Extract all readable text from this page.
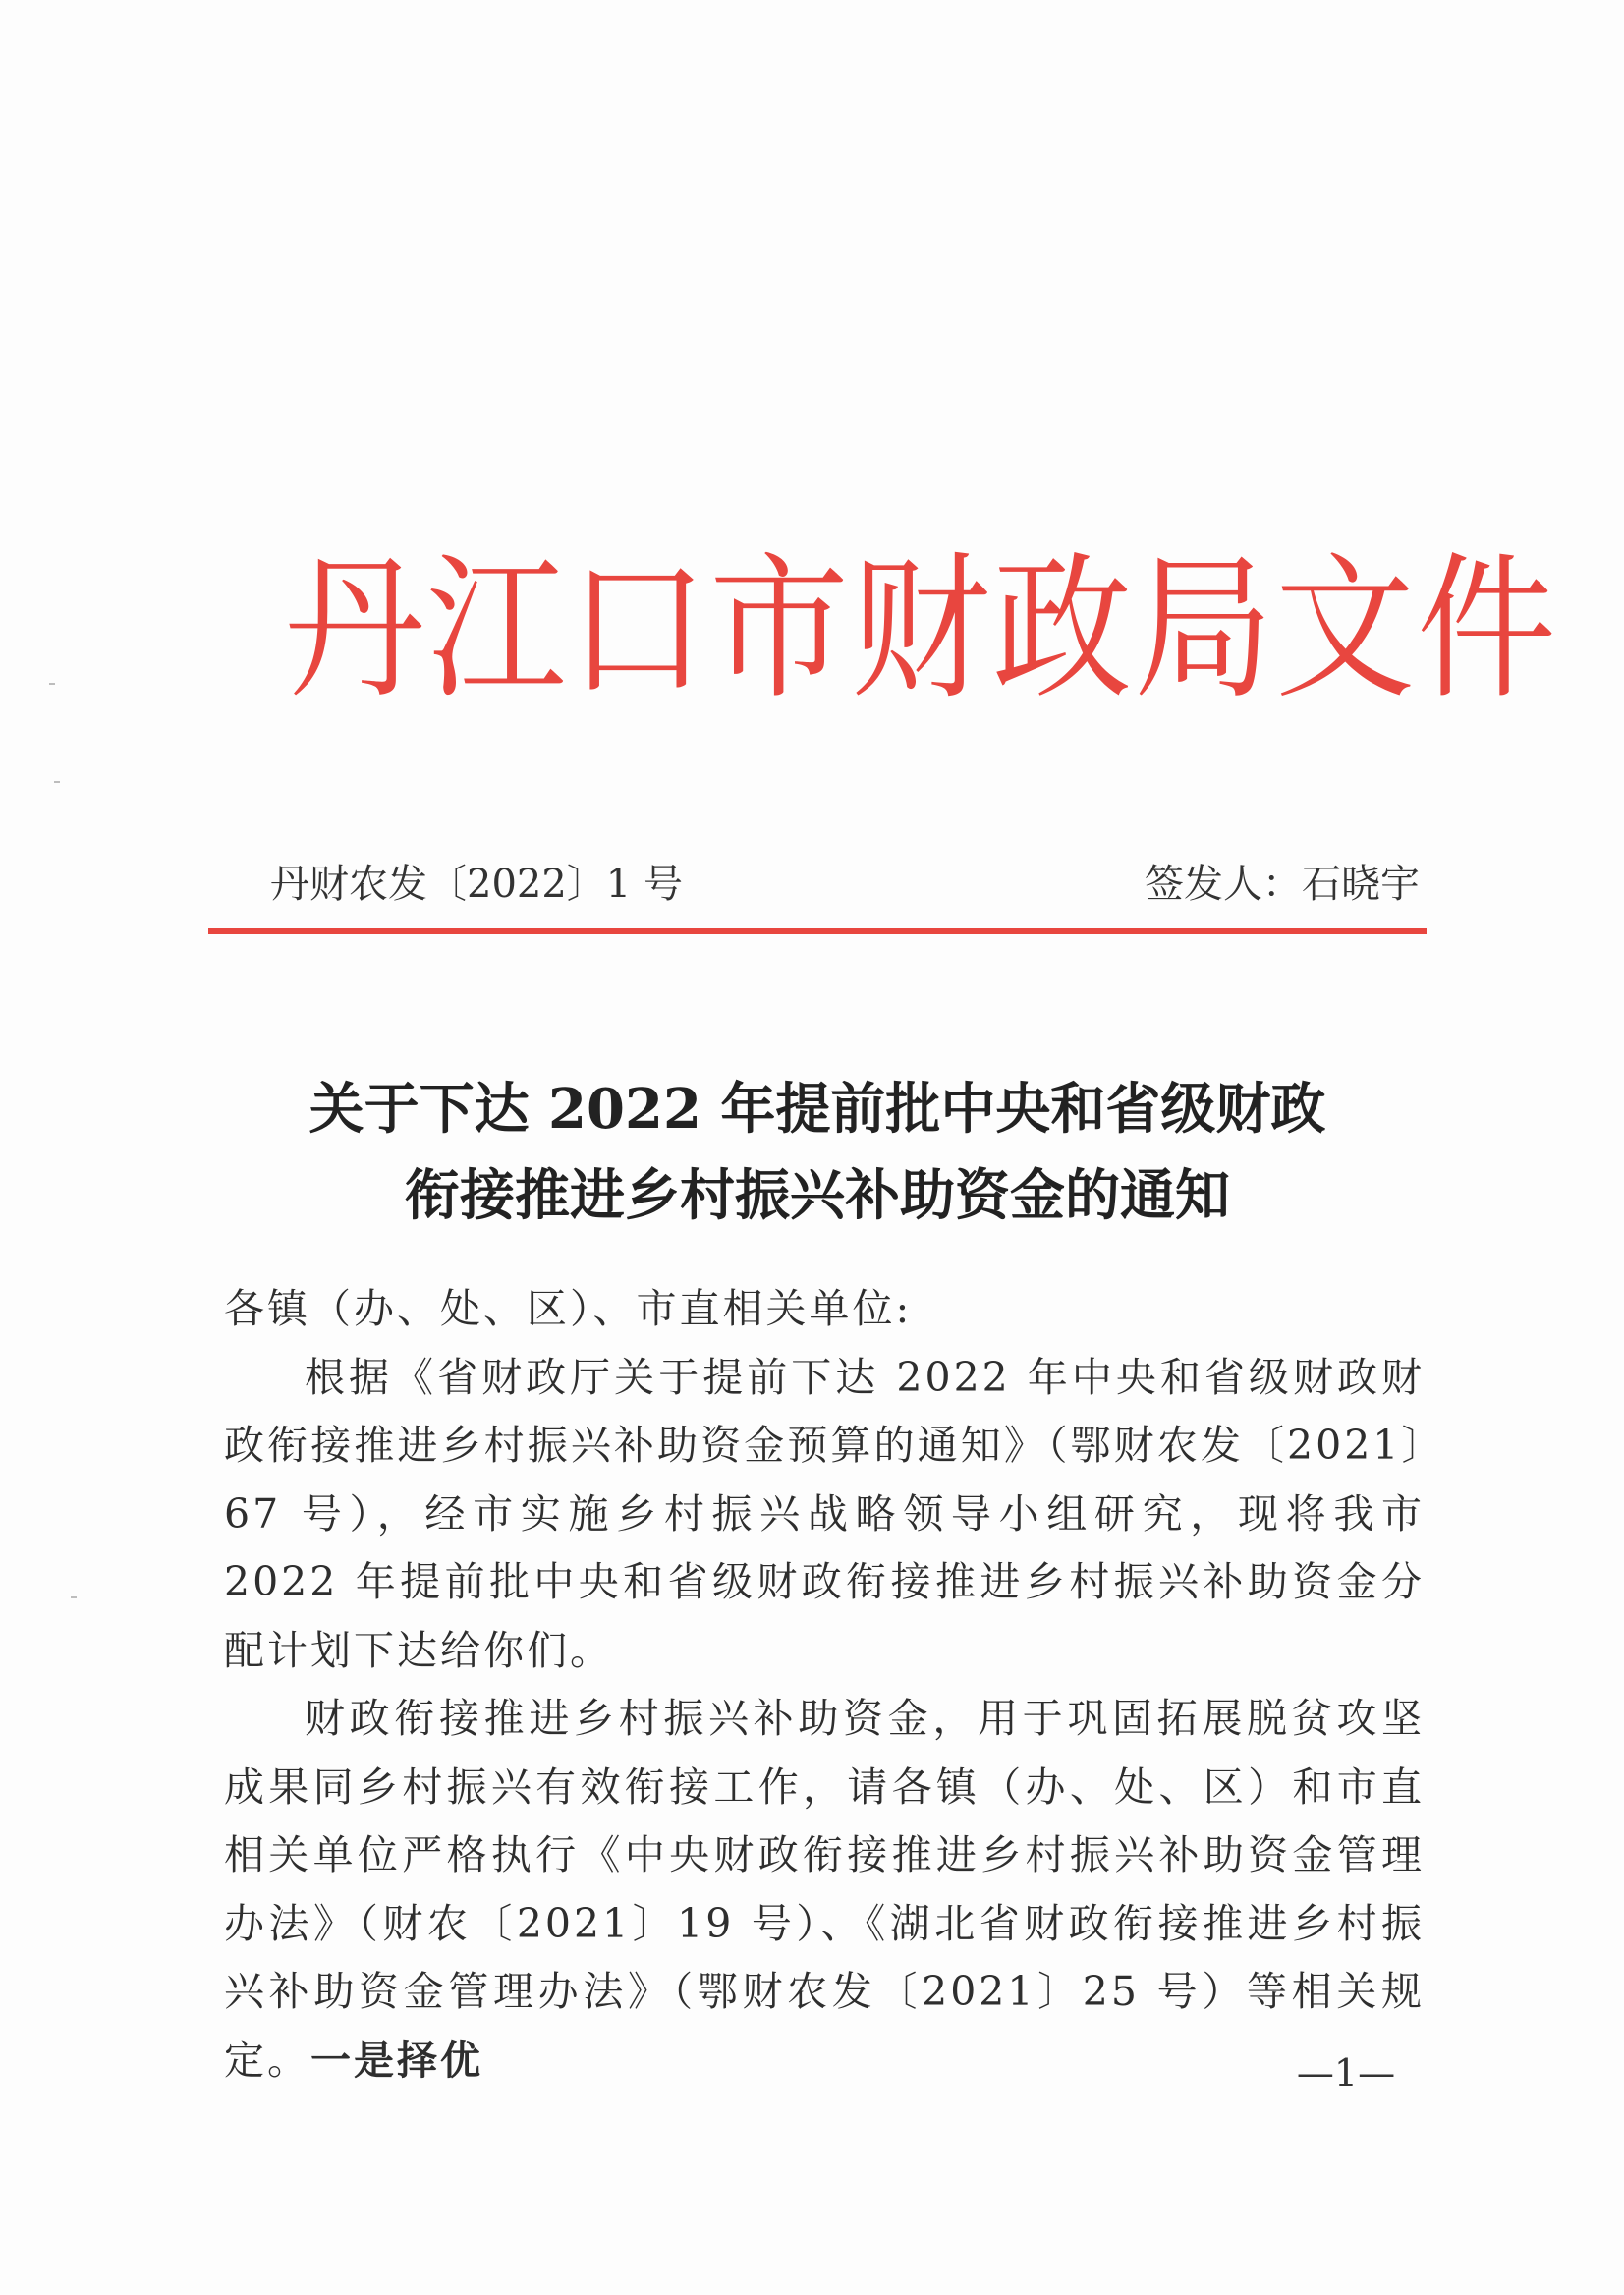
丹江口市财政局文件
丹财农发〔2022〕1 号	签发人：石晓宇
关于下达 2022 年提前批中央和省级财政
衔接推进乡村振兴补助资金的通知

各镇（办、处、区）、市直相关单位:

根据《省财政厅关于提前下达 2022 年中央和省级财政财政衔接推进乡村振兴补助资金预算的通知》（鄂财农发〔2021〕67 号），经市实施乡村振兴战略领导小组研究，现将我市 2022 年提前批中央和省级财政衔接推进乡村振兴补助资金分配计划下达给你们。

财政衔接推进乡村振兴补助资金，用于巩固拓展脱贫攻坚成果同乡村振兴有效衔接工作，请各镇（办、处、区）和市直相关单位严格执行《中央财政衔接推进乡村振兴补助资金管理办法》（财农〔2021〕19 号）、《湖北省财政衔接推进乡村振兴补助资金管理办法》（鄂财农发〔2021〕25 号）等相关规定。一是择优	—1—
